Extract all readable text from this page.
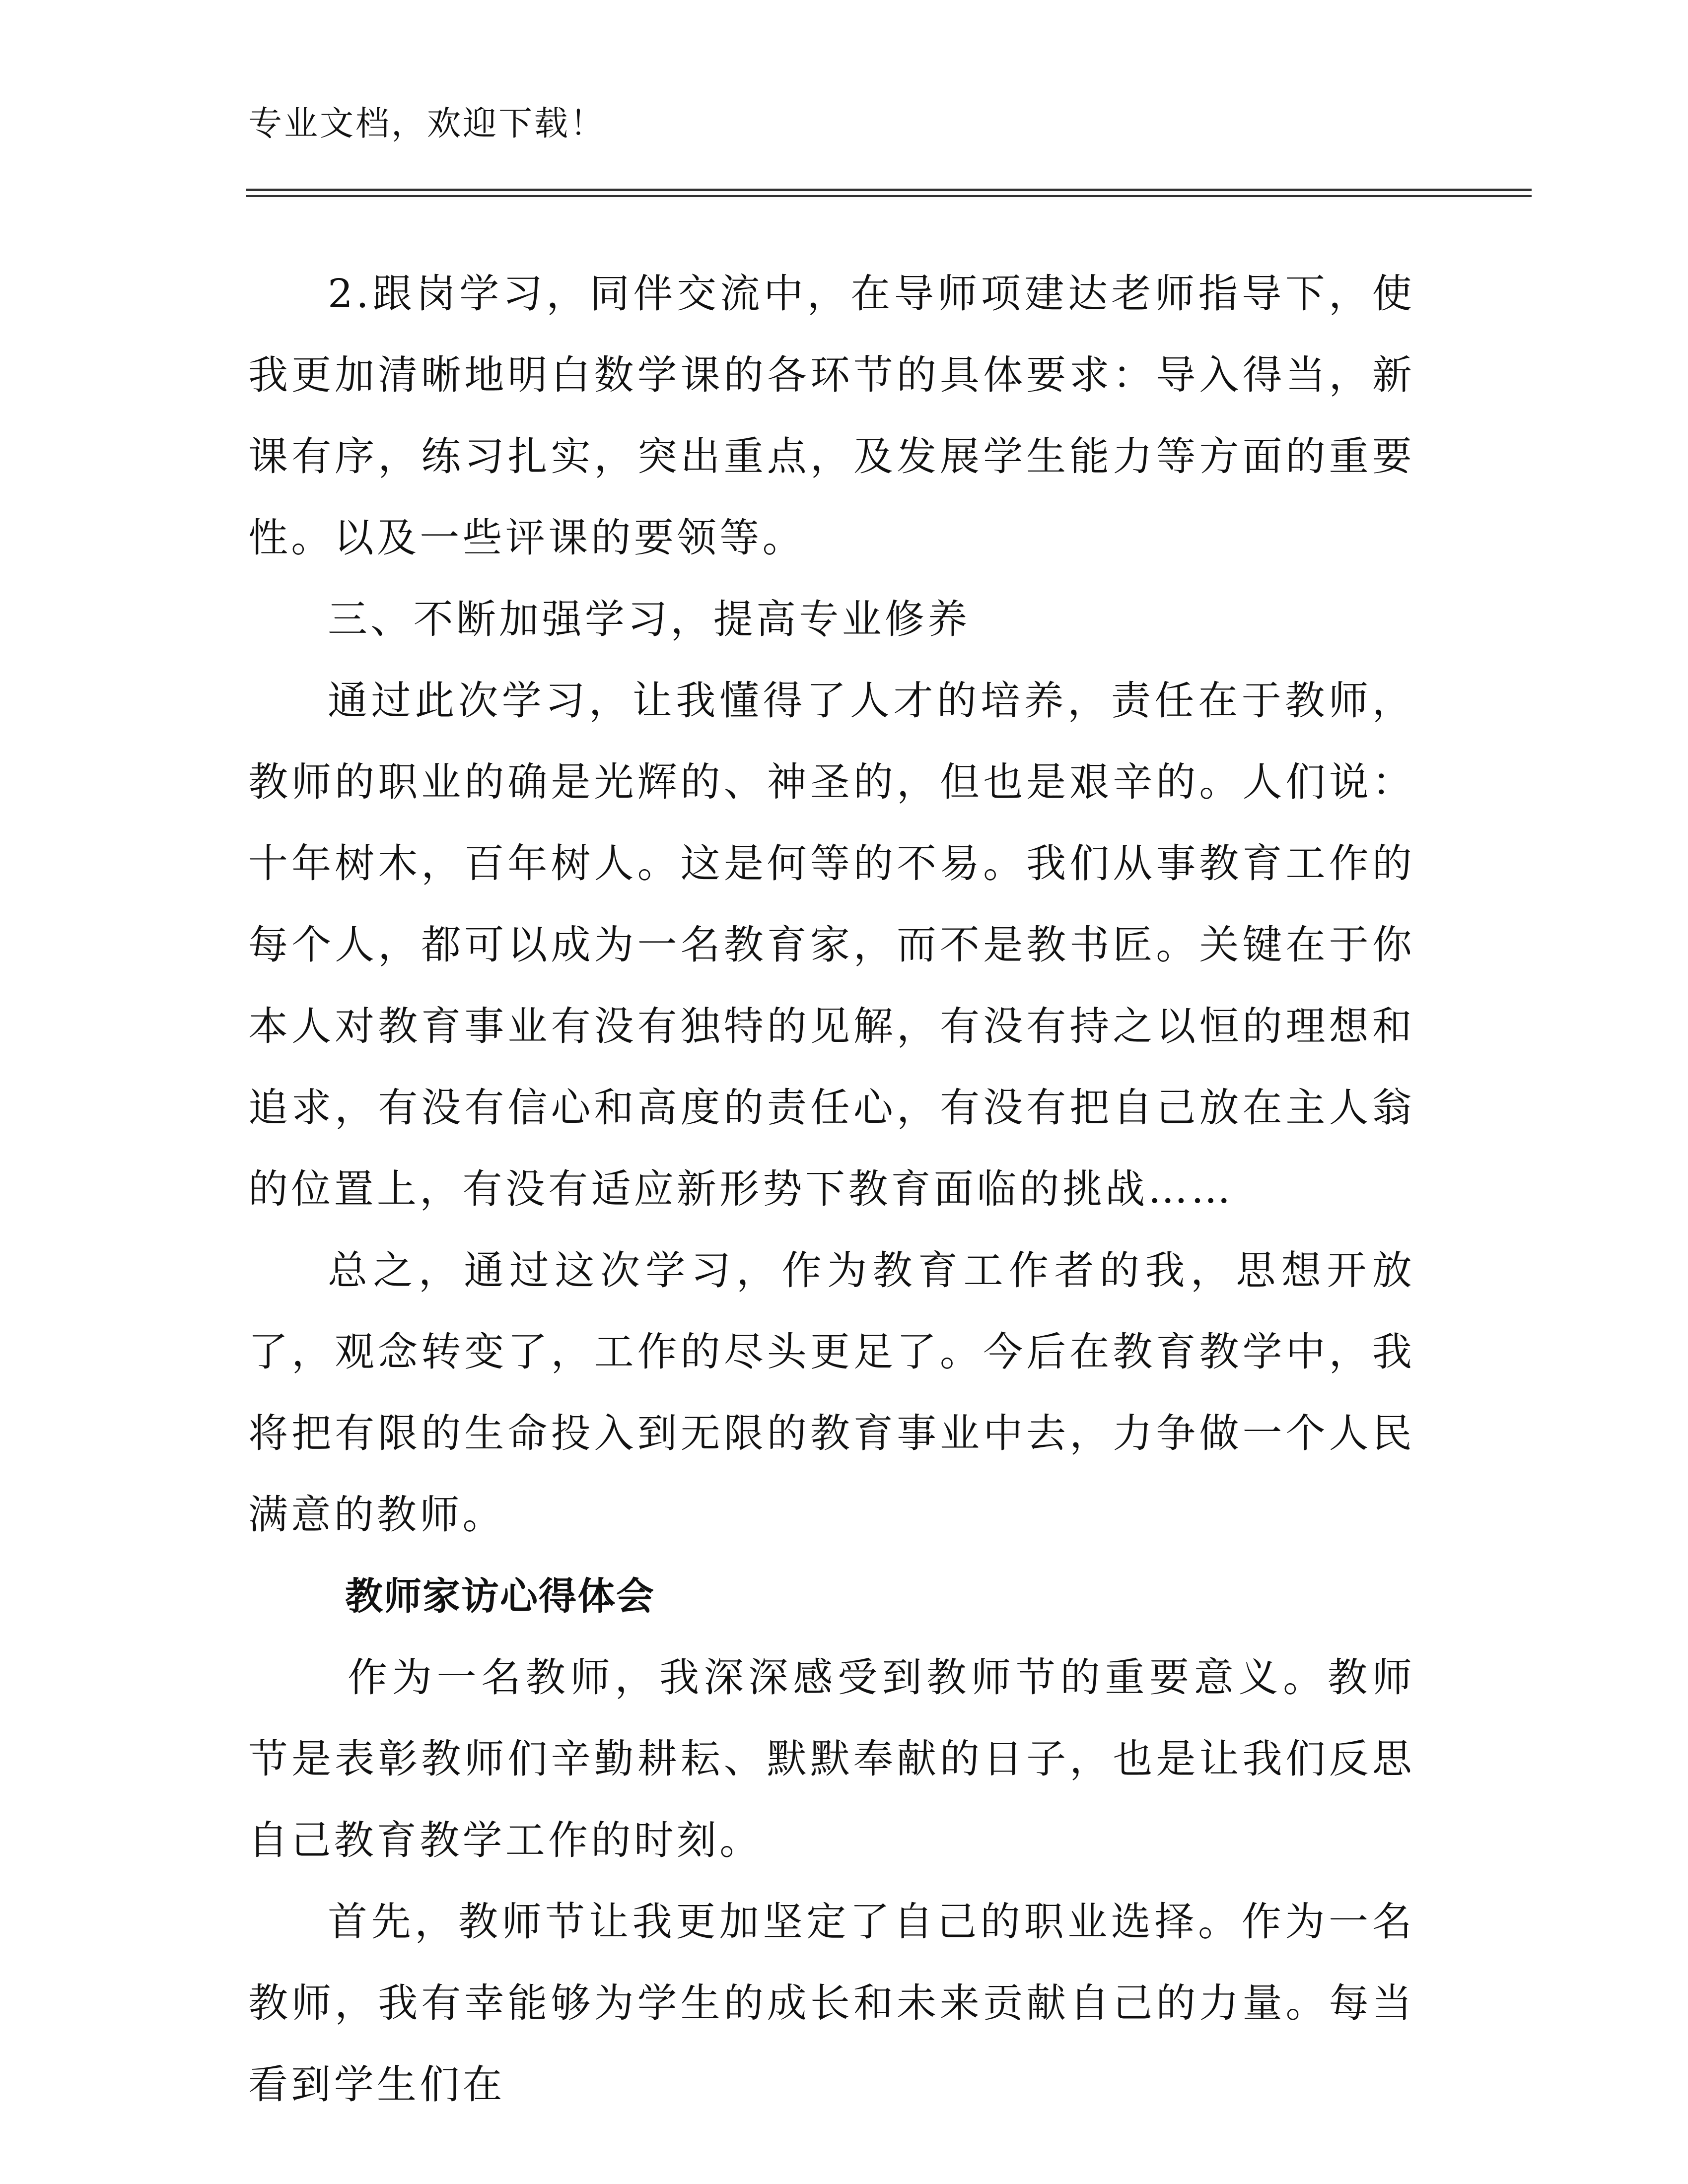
专业文档，欢迎下载！

2.跟岗学习，同伴交流中，在导师项建达老师指导下，使我更加清晰地明白数学课的各环节的具体要求：导入得当，新课有序，练习扎实，突出重点，及发展学生能力等方面的重要性。以及一些评课的要领等。

三、不断加强学习，提高专业修养

通过此次学习，让我懂得了人才的培养，责任在于教师，教师的职业的确是光辉的、神圣的，但也是艰辛的。人们说：十年树木，百年树人。这是何等的不易。我们从事教育工作的每个人，都可以成为一名教育家，而不是教书匠。关键在于你本人对教育事业有没有独特的见解，有没有持之以恒的理想和追求，有没有信心和高度的责任心，有没有把自己放在主人翁的位置上，有没有适应新形势下教育面临的挑战……

总之，通过这次学习，作为教育工作者的我，思想开放了，观念转变了，工作的尽头更足了。今后在教育教学中，我将把有限的生命投入到无限的教育事业中去，力争做一个人民满意的教师。

教师家访心得体会

作为一名教师，我深深感受到教师节的重要意义。教师节是表彰教师们辛勤耕耘、默默奉献的日子，也是让我们反思自己教育教学工作的时刻。

首先，教师节让我更加坚定了自己的职业选择。作为一名教师，我有幸能够为学生的成长和未来贡献自己的力量。每当看到学生们在
